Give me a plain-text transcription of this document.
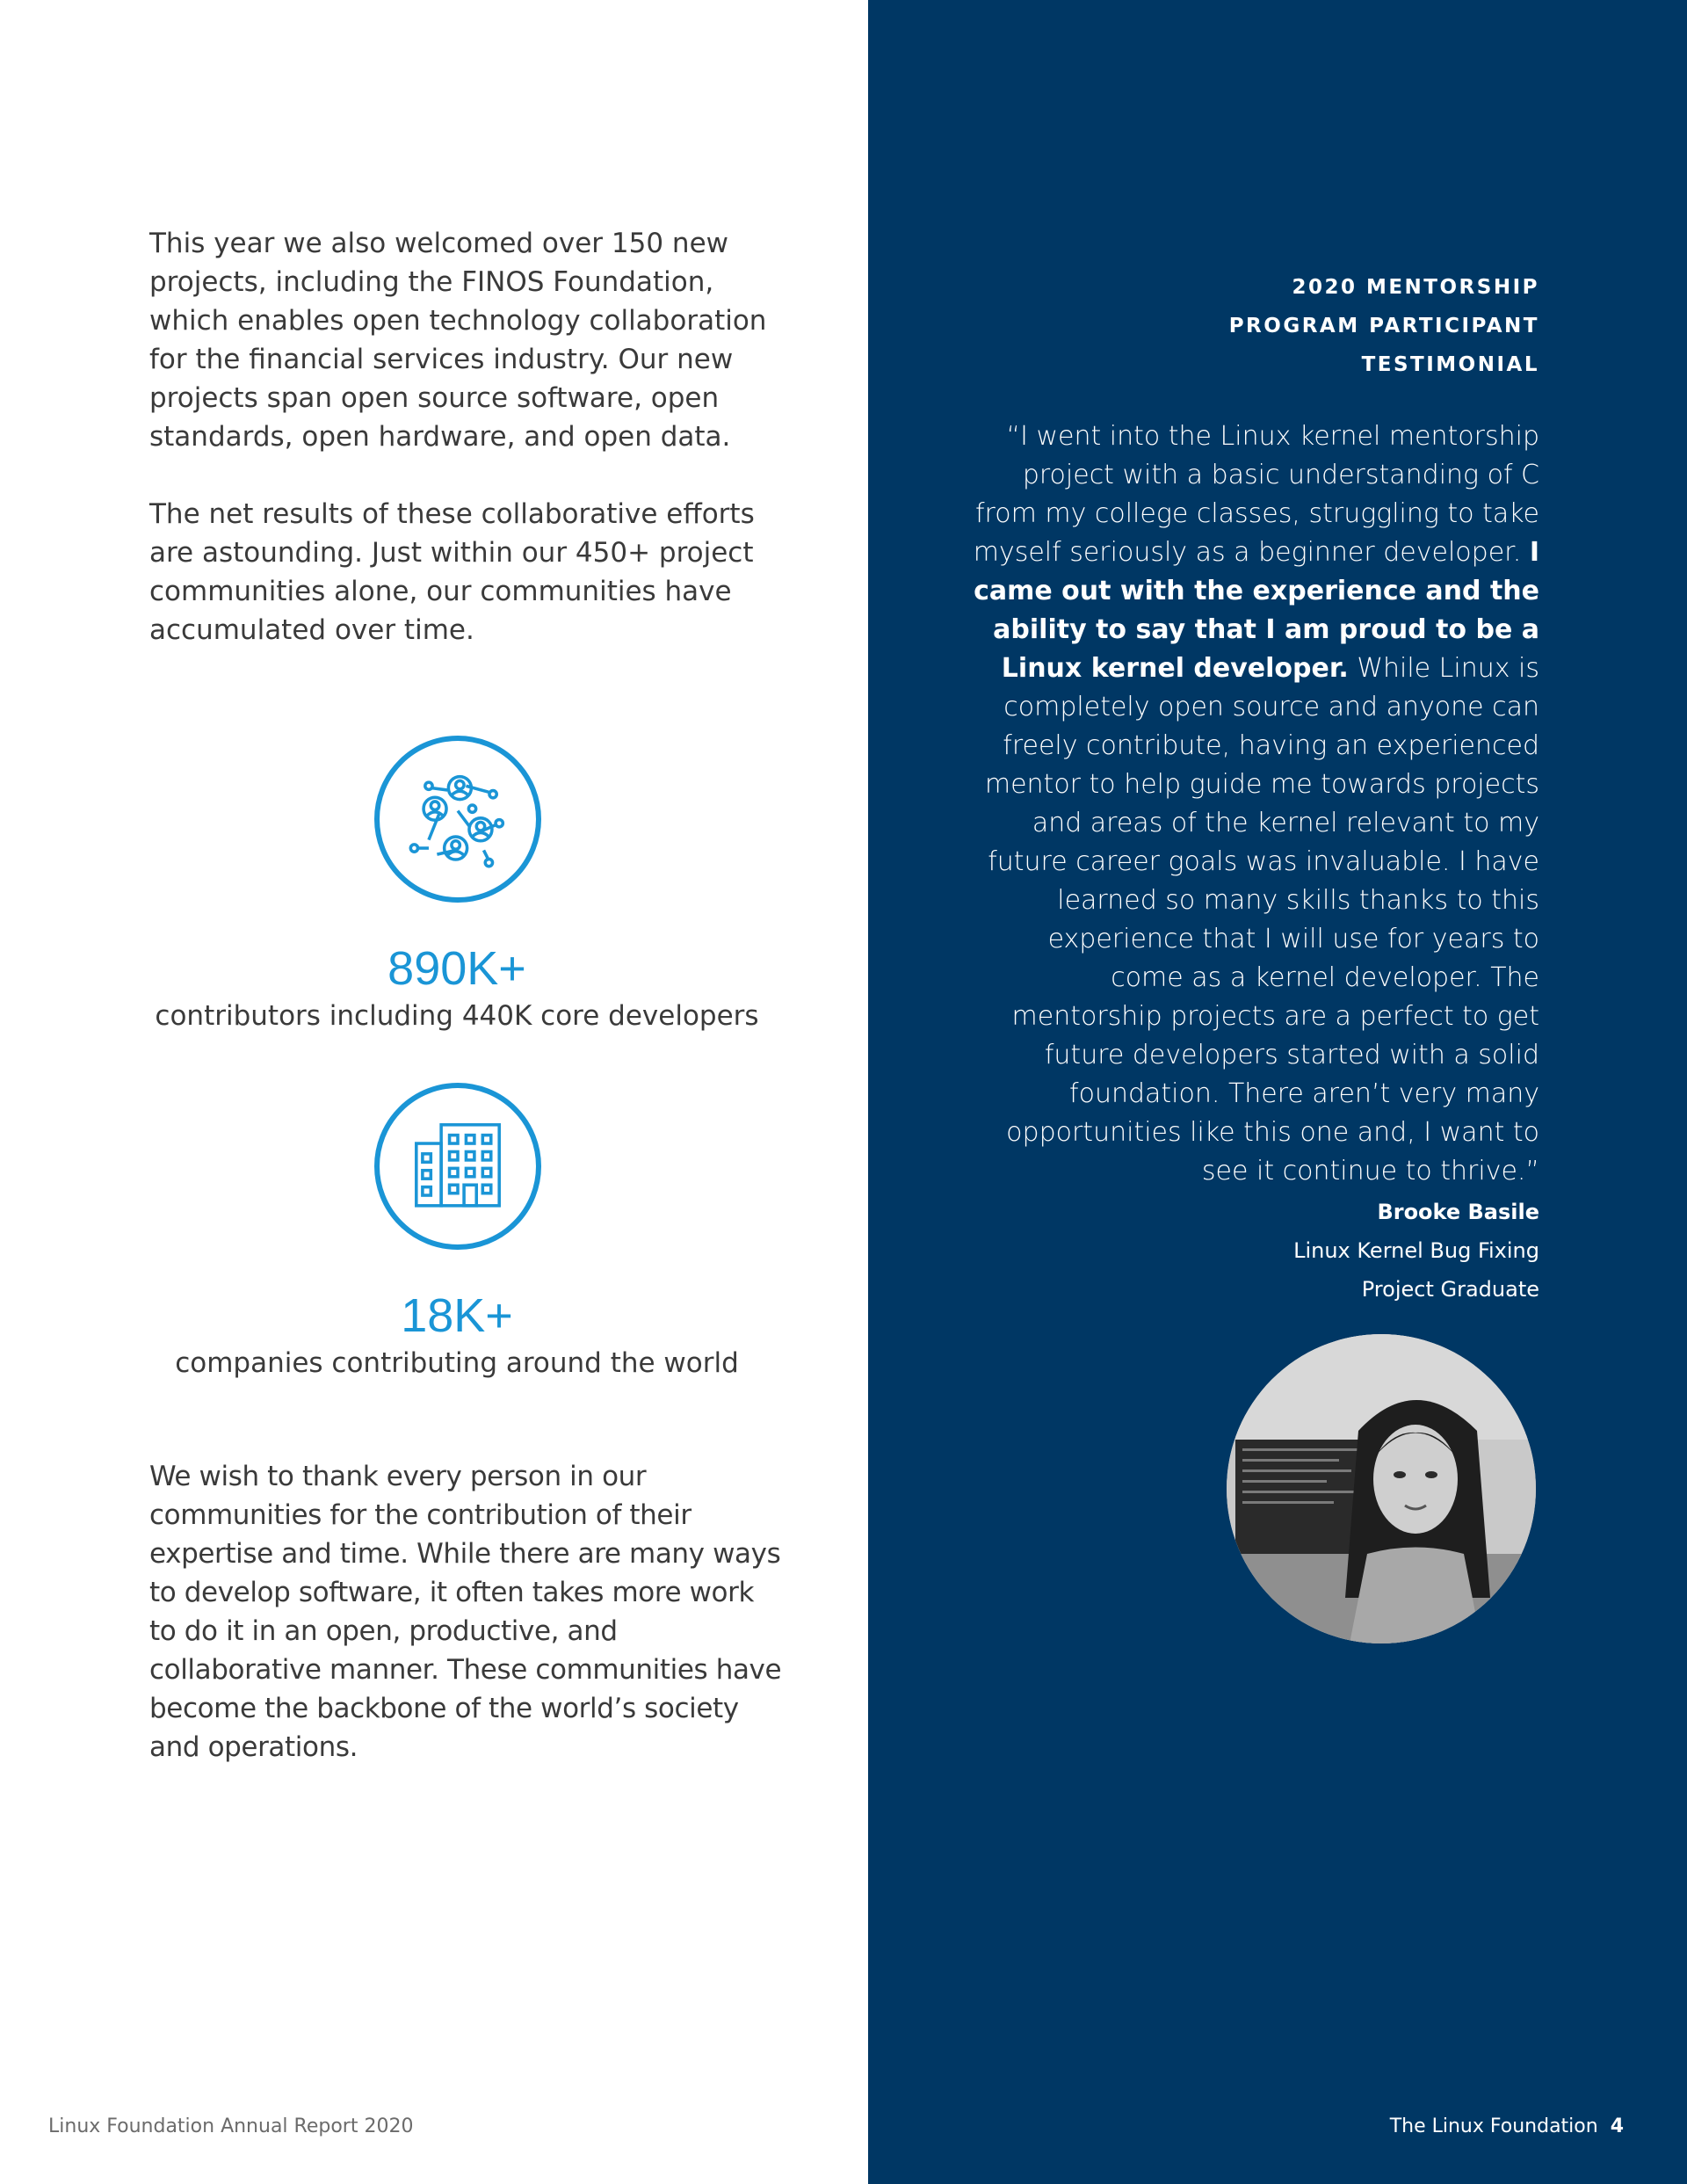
This year we also welcomed over 150 new projects, including the FINOS Foundation, which enables open technology collaboration for the financial services industry. Our new projects span open source software, open standards, open hardware, and open data.

The net results of these collaborative efforts are astounding. Just within our 450+ project communities alone, our communities have accumulated over time.

890K+
contributors including 440K core developers
18K+
companies contributing around the world

We wish to thank every person in our communities for the contribution of their expertise and time. While there are many ways to develop software, it often takes more work to do it in an open, productive, and collaborative manner. These communities have become the backbone of the world’s society and operations.

Linux Foundation Annual Report 2020
2020 MENTORSHIP
PROGRAM PARTICIPANT
TESTIMONIAL

“I went into the Linux kernel mentorship project with a basic understanding of C from my college classes, struggling to take myself seriously as a beginner developer. I came out with the experience and the ability to say that I am proud to be a Linux kernel developer. While Linux is completely open source and anyone can freely contribute, having an experienced mentor to help guide me towards projects and areas of the kernel relevant to my future career goals was invaluable. I have learned so many skills thanks to this experience that I will use for years to come as a kernel developer. The mentorship projects are a perfect to get future developers started with a solid foundation. There aren’t very many opportunities like this one and, I want to see it continue to thrive.”

Brooke Basile
Linux Kernel Bug Fixing
Project Graduate
The Linux Foundation 4
